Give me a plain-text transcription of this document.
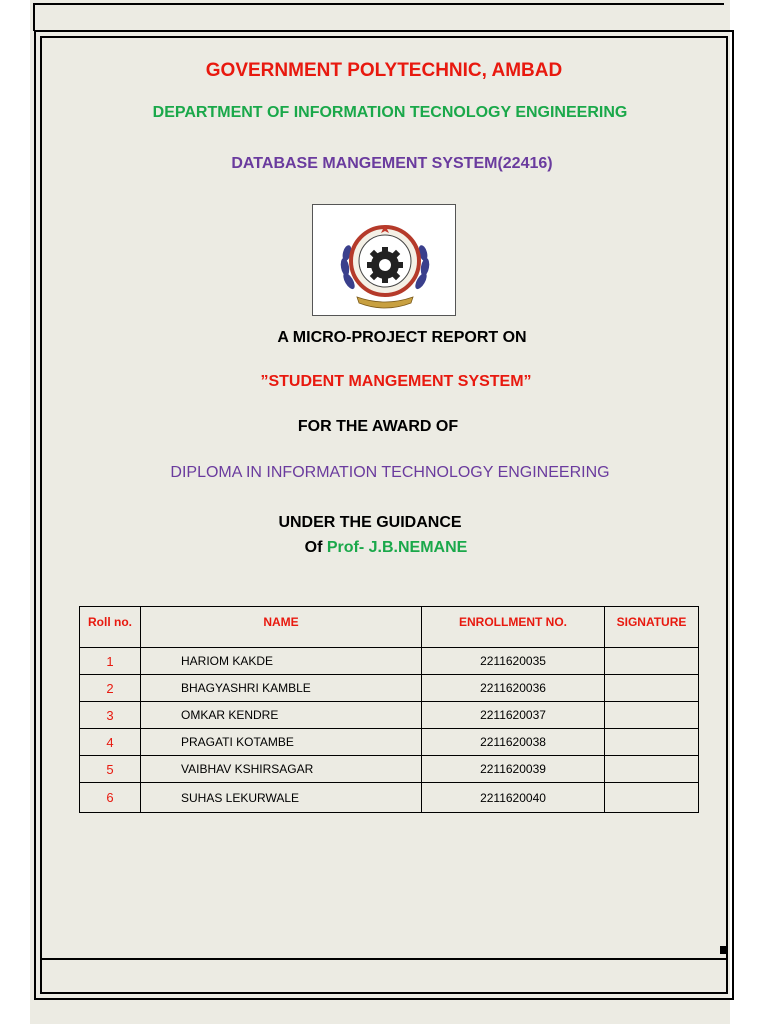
GOVERNMENT POLYTECHNIC, AMBAD
DEPARTMENT OF INFORMATION TECNOLOGY ENGINEERING
DATABASE MANGEMENT SYSTEM(22416)
A MICRO-PROJECT REPORT ON
”STUDENT MANGEMENT SYSTEM”
FOR THE AWARD OF
DIPLOMA IN INFORMATION TECHNOLOGY ENGINEERING
UNDER THE GUIDANCE
Of Prof- J.B.NEMANE
Roll no.	NAME	ENROLLMENT NO.	SIGNATURE
1	HARIOM KAKDE	2211620035	
2	BHAGYASHRI KAMBLE	2211620036	
3	OMKAR KENDRE	2211620037	
4	PRAGATI KOTAMBE	2211620038	
5	VAIBHAV KSHIRSAGAR	2211620039	
6	SUHAS LEKURWALE	2211620040	
